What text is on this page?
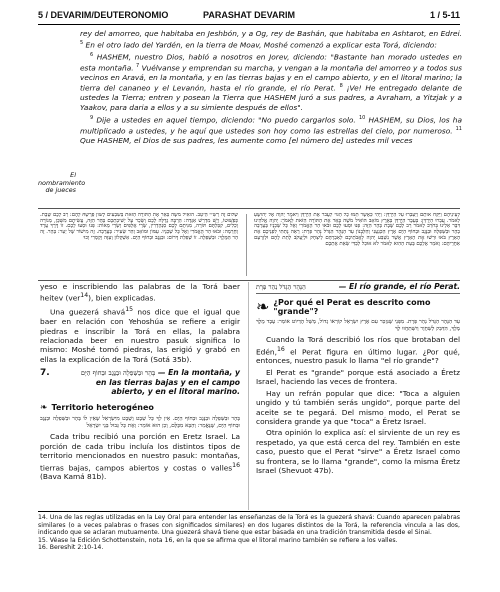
5 / DEVARIM/DEUTERONOMIO	PARASHAT DEVARIM	1 / 5-11

rey del amorreo, que habitaba en Jeshbón, y a Og, rey de Bashán, que habitaba en Ashtarot, en Edrei. $^5$ En el otro lado del Yardén, en la tierra de Moav, Moshé comenzó a explicar esta Torá, diciendo:

$^6$ HASHEM, nuestro Dios, habló a nosotros en Jorev, diciendo: "Bastante han morado ustedes en esta montaña. $^7$ Vuélvanse y emprendan su marcha, y vengan a la montaña del amorreo y a todos sus vecinos en Aravá, en la montaña, y en las tierras bajas y en el campo abierto, y en el litoral marino; la tierra del cananeo y el Levanón, hasta el río grande, el río Perat. $^8$ ¡Ve! He entregado delante de ustedes la Tierra; entren y posean la Tierra que HASHEM juró a sus padres, a Avraham, a Yitzjak y a Yaakov, para daria a ellos y a su simiente después de ellos".

$^9$ Dije a ustedes en aquel tiempo, diciendo: "No puedo cargarlos solo. $^{10}$ HASHEM, su Dios, los ha multiplicado a ustedes, y he aquí que ustedes son hoy como las estrellas del cielo, por numeroso. $^{11}$ Que HASHEM, el Dios de sus padres, les aumente como [el número de] ustedes mil veces

El nombramiento de jueces
לְעֵינֵיהֶם וַיִּקַּח אוֹתָם וַיַּעַבְרוּ עַל הַיַּרְדֵּן: וַיְהִי כַּאֲשֶׁר תַּמּוּ כָל הַגּוֹי לַעֲבֹר אֶת הַיַּרְדֵּן וַיֹּאמֶר יְהוָה אֶל יְהוֹשֻׁעַ לֵאמֹר. עַבְרוּ הַיַּרְדֵּן: בְּעֵבֶר הַיַּרְדֵּן בְּאֶרֶץ מוֹאָב הוֹאִיל מֹשֶׁה בֵּאֵר אֶת הַתּוֹרָה הַזֹּאת לֵאמֹר: יְהוָה אֱלֹהֵינוּ דִּבֶּר אֵלֵינוּ בְּחֹרֵב לֵאמֹר רַב לָכֶם שֶׁבֶת בָּהָר הַזֶּה: פְּנוּ וּסְעוּ לָכֶם וּבֹאוּ הַר הָאֱמֹרִי וְאֶל כָּל שְׁכֵנָיו בָּעֲרָבָה בָהָר וּבַשְּׁפֵלָה וּבַנֶּגֶב וּבְחוֹף הַיָּם אֶרֶץ הַכְּנַעֲנִי וְהַלְּבָנוֹן עַד הַנָּהָר הַגָּדֹל נְהַר פְּרָת: רְאֵה נָתַתִּי לִפְנֵיכֶם אֶת הָאָרֶץ בֹּאוּ וּרְשׁוּ אֶת הָאָרֶץ אֲשֶׁר נִשְׁבַּע יְהוָה לַאֲבֹתֵיכֶם לְאַבְרָהָם לְיִצְחָק וּלְיַעֲקֹב לָתֵת לָהֶם וּלְזַרְעָם אַחֲרֵיהֶם: וָאֹמַר אֲלֵכֶם בָּעֵת הַהִוא לֵאמֹר לֹא אוּכַל לְבַדִּי שְׂאֵת אֶתְכֶם
שְׁלוֹם זֶה רַשִׁ״י הֵיטֵב. הוֹאִיל מֹשֶׁה בֵּאֵר אֶת הַתּוֹרָה הַזֹּאת בְּשִׁבְעִים לָשׁוֹן פֵּרְשָׁהּ לָהֶם: רַב לָכֶם שֶׁבֶת. כְּפְשׁוּטוֹ, וְיֵשׁ מִדְרַשׁ אַגָּדָה: הַרְבֵּה גְדֻלָּה לָכֶם וְשָׂכָר עַל יְשִׁיבַתְכֶם בָּהָר הַזֶּה, עֲשִׂיתֶם מִשְׁכָּן, מְנוֹרָה וְכֵלִים, קִבַּלְתֶּם תּוֹרָה, מִנִּיתֶם לָכֶם סַנְהֶדְרִין, שָׂרֵי אֲלָפִים וְשָׂרֵי מֵאוֹת: פְּנוּ וּסְעוּ לָכֶם. זוֹ דֶּרֶךְ עֲרָד וְחָרְמָה: וּבֹאוּ הַר הָאֱמֹרִי וְאֶל כָּל שְׁכֵנָיו. עַמּוֹן וּמוֹאָב וְהַר שֵׂעִיר: בָּעֲרָבָה. זֶה מִישׁוֹר שֶׁל יַעַר: בָּהָר. זֶה הַר הַמֶּלֶךְ: וּבַשְּׁפֵלָה. זוֹ שְׁפֵלַת דָּרוֹם: וּבַנֶּגֶב וּבְחוֹף הַיָּם. אַשְׁקְלוֹן וְעַזָּה וְקֵסָרִי וְכוּ׳

yeso e inscribiendo las palabras de la Torá baer heitev (ver$^{14}$), bien explicadas.

Una guezerá shavá$^{15}$ nos dice que el igual que baer en relación con Yehoshúa se refiere a erigir piedras e inscribir la Torá en ellas, la palabra relacionada beer en nuestro pasuk significa lo mismo: Moshé tomó piedras, las erigió y grabó en ellas la explicación de la Torá (Sotá 35b).

7.	בָּהָר וּבַשְּׁפֵלָה וּבַנֶּגֶב וּבְחוֹף הַיָּם — En la montaña, y en las tierras bajas y en el campo abierto, y en el litoral marino.
❧ Territorio heterogéneo
בָּהָר וּבַשְּׁפֵלָה וּבַנֶּגֶב וּבְחוֹף הַיָּם. אֵין לְךָ כָּל שֵׁבֶט וָשֵׁבֶט מִיִּשְׂרָאֵל שֶׁאֵין לוֹ בָּהָר וּבַשְּׁפֵלָה וּבַנֶּגֶב וּבְחוֹף הַיָּם, שֶׁנֶּאֱמַר: וְהַבָּא מִכֻּלָּם, וְכֵן הוּא אוֹמֵר: וְאֶת כָּל גְּבוּל בְּנֵי יִשְׂרָאֵל

Cada tribu recibió una porción en Eretz Israel. La porción de cada tribu incluía los distintos tipos de territorio mencionados en nuestro pasuk: montañas, tierras bajas, campos abiertos y costas o valles$^{16}$ (Bava Kamá 81b).

הַנָּהָר הַגָּדֹל נְהַר פְּרָת	— El río grande, el río Perat.
❧ ¿Por qué el Perat es descrito como "grande"?
עַד הַנָּהָר הַגָּדֹל נְהַר פְּרָת. מִפְּנֵי שֶׁנִּזְכַּר עִם אֶרֶץ יִשְׂרָאֵל קוֹרְאוֹ גָדוֹל, מָשָׁל הֶדְיוֹט אוֹמֵר: עֶבֶד מֶלֶךְ מֶלֶךְ, הִדַּבֵּק לְשַׁחֲוָר וְיִשְׁתַּחֲווּ לָךְ

Cuando la Torá describió los ríos que brotaban del Edén,$^{16}$ el Perat figura en último lugar. ¿Por qué, entonces, nuestro pasuk lo llama "el río grande"?

El Perat es "grande" porque está asociado a Éretz Israel, haciendo las veces de frontera.

Hay un refrán popular que dice: "Toca a alguien ungido y tú también serás ungido", porque parte del aceite se te pegará. Del mismo modo, el Perat se considera grande ya que "toca" a Éretz Israel.

Otra opinión lo explica así: el sirviente de un rey es respetado, ya que está cerca del rey. También en este caso, puesto que el Perat "sirve" a Éretz Israel como su frontera, se lo llama "grande", como la misma Éretz Israel (Shevuot 47b).

14. Una de las reglas utilizadas en la Ley Oral para entender las enseñanzas de la Torá es la guezerá shavá: Cuando aparecen palabras similares (o a veces palabras o frases con significados similares) en dos lugares distintos de la Torá, la referencia vincula a las dos, indicando que se aclaran mutuamente. Una guezerá shavá tiene que estar basada en una tradición transmitida desde el Sinai.

15. Véase la Edición Schottenstein, nota 16, en la que se afirma que el litoral marino también se refiere a los valles.

16. Bereshit 2:10-14.
